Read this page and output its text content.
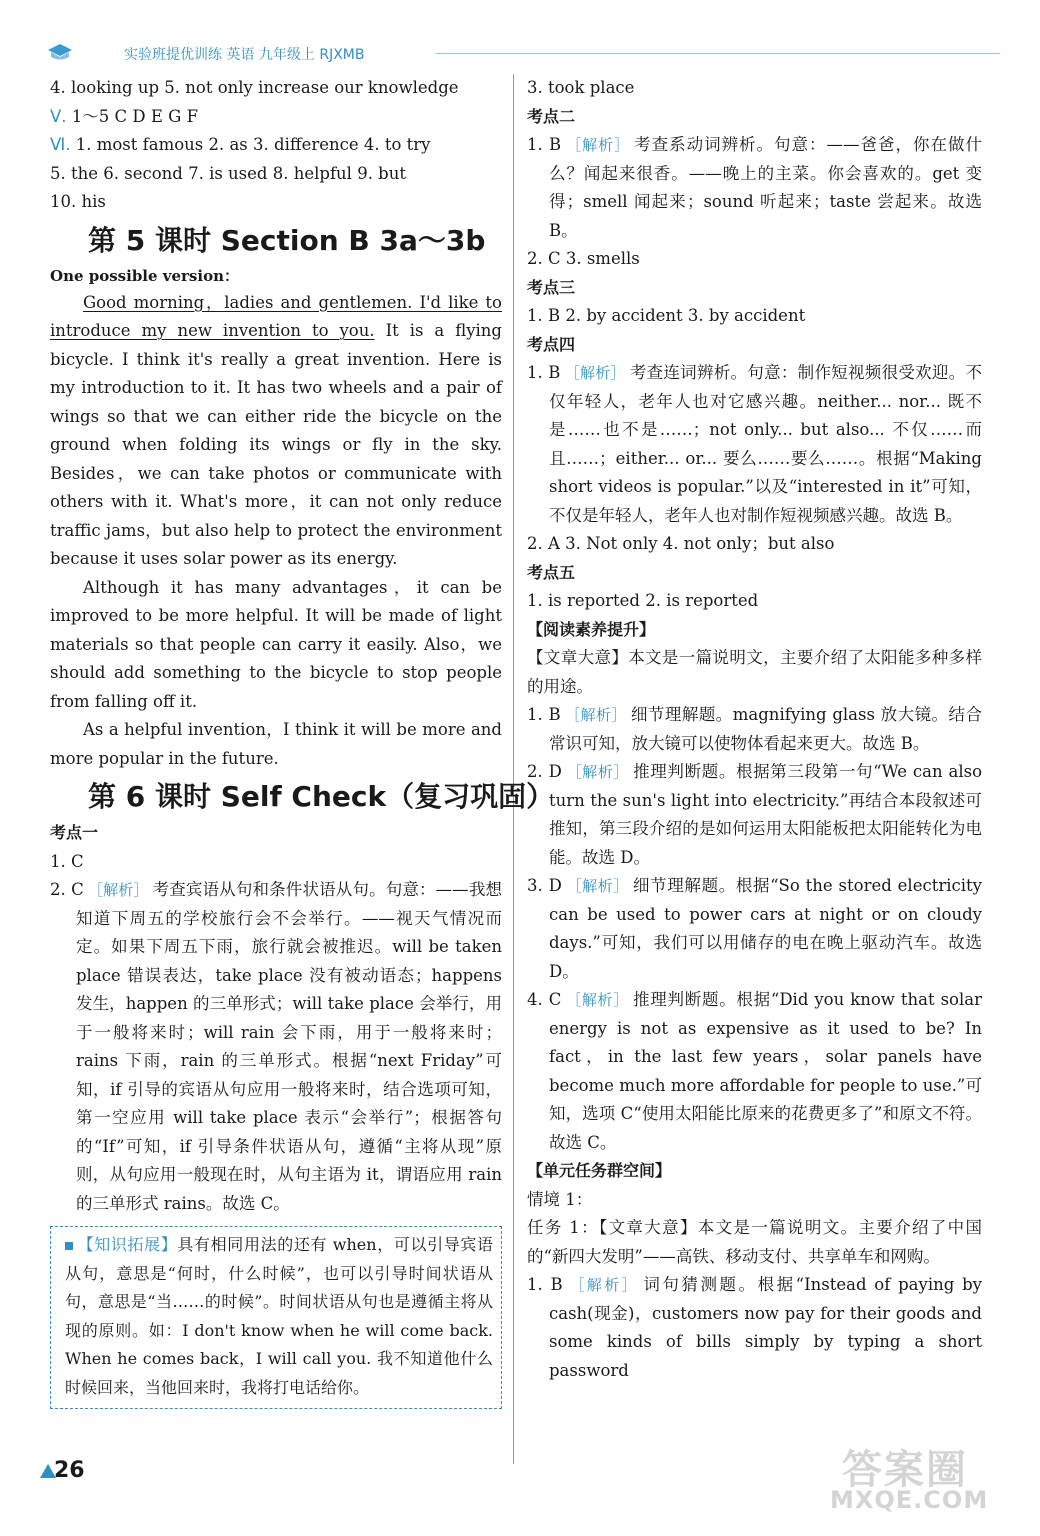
实验班提优训练 英语 九年级上 RJXMB
4. looking up 5. not only increase our knowledge
Ⅴ. 1～5 C D E G F
Ⅵ. 1. most famous 2. as 3. difference 4. to try
5. the 6. second 7. is used 8. helpful 9. but
10. his
第 5 课时 Section B 3a～3b
One possible version：
Good morning，ladies and gentlemen. I'd like to introduce my new invention to you. It is a flying bicycle. I think it's really a great invention. Here is my introduction to it. It has two wheels and a pair of wings so that we can either ride the bicycle on the ground when folding its wings or fly in the sky. Besides，we can take photos or communicate with others with it. What's more，it can not only reduce traffic jams，but also help to protect the environment because it uses solar power as its energy.
Although it has many advantages，it can be improved to be more helpful. It will be made of light materials so that people can carry it easily. Also，we should add something to the bicycle to stop people from falling off it.
As a helpful invention，I think it will be more and more popular in the future.
第 6 课时 Self Check（复习巩固）
考点一
1. C
2. C ［解析］ 考查宾语从句和条件状语从句。句意：——我想知道下周五的学校旅行会不会举行。——视天气情况而定。如果下周五下雨，旅行就会被推迟。will be taken place 错误表达，take place 没有被动语态；happens 发生，happen 的三单形式；will take place 会举行，用于一般将来时；will rain 会下雨，用于一般将来时；rains 下雨，rain 的三单形式。根据“next Friday”可知，if 引导的宾语从句应用一般将来时，结合选项可知，第一空应用 will take place 表示“会举行”；根据答句的“If”可知，if 引导条件状语从句，遵循“主将从现”原则，从句应用一般现在时，从句主语为 it，谓语应用 rain 的三单形式 rains。故选 C。
【知识拓展】具有相同用法的还有 when，可以引导宾语从句，意思是“何时，什么时候”，也可以引导时间状语从句，意思是“当……的时候”。时间状语从句也是遵循主将从现的原则。如：I don't know when he will come back. When he comes back，I will call you. 我不知道他什么时候回来，当他回来时，我将打电话给你。
3. took place
考点二
1. B ［解析］ 考查系动词辨析。句意：——爸爸，你在做什么？闻起来很香。——晚上的主菜。你会喜欢的。get 变得；smell 闻起来；sound 听起来；taste 尝起来。故选 B。
2. C 3. smells
考点三
1. B 2. by accident 3. by accident
考点四
1. B ［解析］ 考查连词辨析。句意：制作短视频很受欢迎。不仅年轻人，老年人也对它感兴趣。neither... nor... 既不是……也不是……；not only... but also... 不仅……而且……；either... or... 要么……要么……。根据“Making short videos is popular.”以及“interested in it”可知，不仅是年轻人，老年人也对制作短视频感兴趣。故选 B。
2. A 3. Not only 4. not only；but also
考点五
1. is reported 2. is reported
【阅读素养提升】
【文章大意】本文是一篇说明文，主要介绍了太阳能多种多样的用途。
1. B ［解析］ 细节理解题。magnifying glass 放大镜。结合常识可知，放大镜可以使物体看起来更大。故选 B。
2. D ［解析］ 推理判断题。根据第三段第一句“We can also turn the sun's light into electricity.”再结合本段叙述可推知，第三段介绍的是如何运用太阳能板把太阳能转化为电能。故选 D。
3. D ［解析］ 细节理解题。根据“So the stored electricity can be used to power cars at night or on cloudy days.”可知，我们可以用储存的电在晚上驱动汽车。故选 D。
4. C ［解析］ 推理判断题。根据“Did you know that solar energy is not as expensive as it used to be? In fact，in the last few years，solar panels have become much more affordable for people to use.”可知，选项 C“使用太阳能比原来的花费更多了”和原文不符。故选 C。
【单元任务群空间】
情境 1：
任务 1：【文章大意】本文是一篇说明文。主要介绍了中国的“新四大发明”——高铁、移动支付、共享单车和网购。
1. B ［解析］ 词句猜测题。根据“Instead of paying by cash(现金)，customers now pay for their goods and some kinds of bills simply by typing a short password
26	答案圈
MXQE.COM
